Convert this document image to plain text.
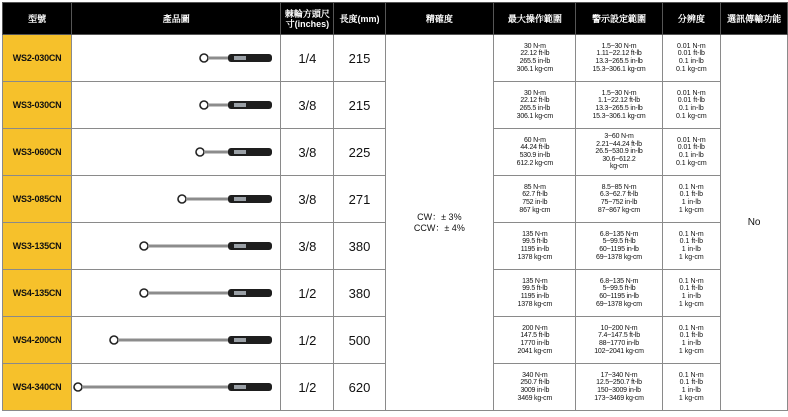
型號	產品圖	棘輪方頭尺寸(inches)	長度(mm)	精確度	最大操作範圍	警示設定範圍	分辨度	選訊傳輸功能
WS2-030CN		1/4	215	CW：± 3%
CCW：± 4%	30 N-m
22.12 ft-lb
265.5 in-lb
306.1 kg-cm	1.5~30 N-m
1.11~22.12 ft-lb
13.3~265.5 in-lb
15.3~306.1 kg-cm	0.01 N-m
0.01 ft-lb
0.1 in-lb
0.1 kg-cm	No
WS3-030CN		3/8	215		30 N-m
22.12 ft-lb
265.5 in-lb
306.1 kg-cm	1.5~30 N-m
1.1~22.12 ft-lb
13.3~265.5 in-lb
15.3~306.1 kg-cm	0.01 N-m
0.01 ft-lb
0.1 in-lb
0.1 kg-cm	

WS3-060CN		3/8	225		60 N-m
44.24 ft-lb
530.9 in-lb
612.2 kg-cm	3~60 N-m
2.21~44.24 ft-lb
26.5~530.9 in-lb
30.6~612.2
kg-cm	0.01 N-m
0.01 ft-lb
0.1 in-lb
0.1 kg-cm	

WS3-085CN		3/8	271		85 N-m
62.7 ft-lb
752 in-lb
867 kg-cm	8.5~85 N-m
6.3~62.7 ft-lb
75~752 in-lb
87~867 kg-cm	0.1 N-m
0.1 ft-lb
1 in-lb
1 kg-cm	

WS3-135CN		3/8	380		135 N-m
99.5 ft-lb
1195 in-lb
1378 kg-cm	6.8~135 N-m
5~99.5 ft-lb
60~1195 in-lb
69~1378 kg-cm	0.1 N-m
0.1 ft-lb
1 in-lb
1 kg-cm	

WS4-135CN		1/2	380		135 N-m
99.5 ft-lb
1195 in-lb
1378 kg-cm	6.8~135 N-m
5~99.5 ft-lb
60~1195 in-lb
69~1378 kg-cm	0.1 N-m
0.1 ft-lb
1 in-lb
1 kg-cm	

WS4-200CN		1/2	500		200 N-m
147.5 ft-lb
1770 in-lb
2041 kg-cm	10~200 N-m
7.4~147.5 ft-lb
88~1770 in-lb
102~2041 kg-cm	0.1 N-m
0.1 ft-lb
1 in-lb
1 kg-cm	

WS4-340CN		1/2	620		340 N-m
250.7 ft-lb
3009 in-lb
3469 kg-cm	17~340 N-m
12.5~250.7 ft-lb
150~3009 in-lb
173~3469 kg-cm	0.1 N-m
0.1 ft-lb
1 in-lb
1 kg-cm	
